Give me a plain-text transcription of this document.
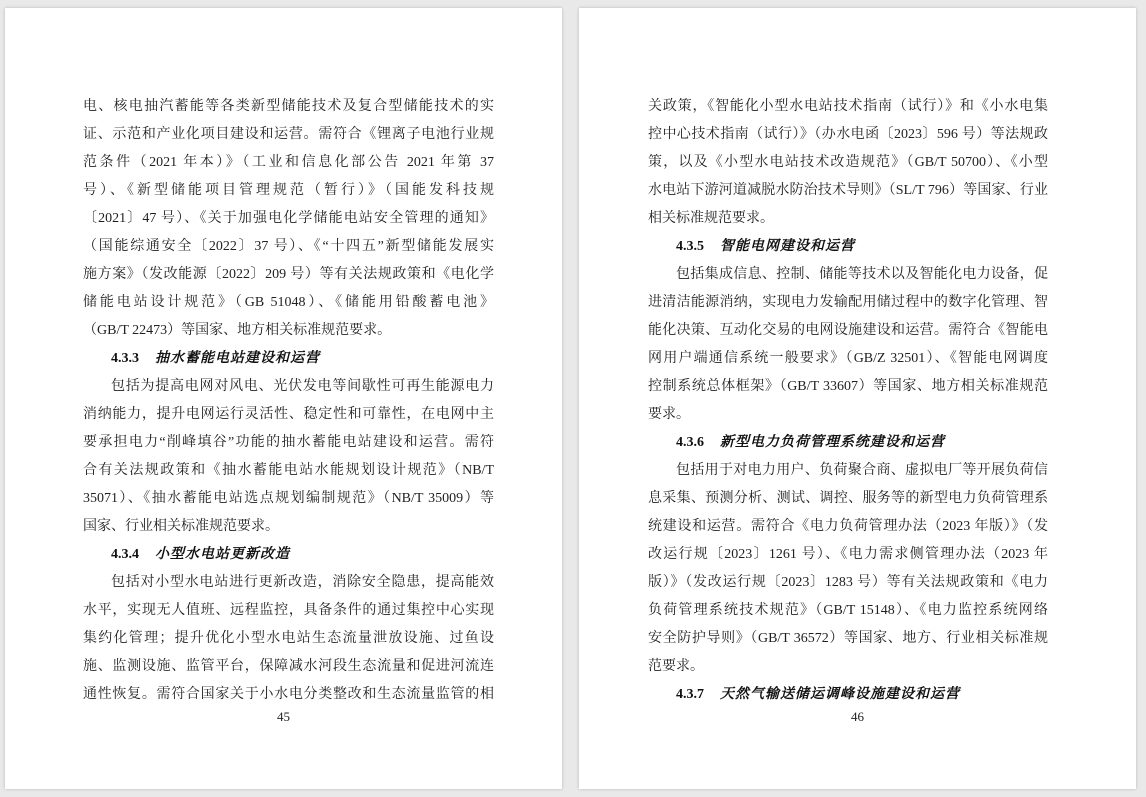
电、核电抽汽蓄能等各类新型储能技术及复合型储能技术的实
证、示范和产业化项目建设和运营。需符合《锂离子电池行业规
范条件（2021 年本）》（工业和信息化部公告 2021 年第 37
号）、《新型储能项目管理规范（暂行）》（国能发科技规
〔2021〕47 号）、《关于加强电化学储能电站安全管理的通知》
（国能综通安全〔2022〕37 号）、《“十四五”新型储能发展实
施方案》（发改能源〔2022〕209 号）等有关法规政策和《电化学
储能电站设计规范》（GB 51048）、《储能用铅酸蓄电池》
（GB/T 22473）等国家、地方相关标准规范要求。
4.3.3 抽水蓄能电站建设和运营
包括为提高电网对风电、光伏发电等间歇性可再生能源电力
消纳能力，提升电网运行灵活性、稳定性和可靠性，在电网中主
要承担电力“削峰填谷”功能的抽水蓄能电站建设和运营。需符
合有关法规政策和《抽水蓄能电站水能规划设计规范》（NB/T
35071）、《抽水蓄能电站选点规划编制规范》（NB/T 35009）等
国家、行业相关标准规范要求。
4.3.4 小型水电站更新改造
包括对小型水电站进行更新改造，消除安全隐患，提高能效
水平，实现无人值班、远程监控，具备条件的通过集控中心实现
集约化管理；提升优化小型水电站生态流量泄放设施、过鱼设
施、监测设施、监管平台，保障减水河段生态流量和促进河流连
通性恢复。需符合国家关于小水电分类整改和生态流量监管的相
45
关政策，《智能化小型水电站技术指南（试行）》和《小水电集
控中心技术指南（试行）》（办水电函〔2023〕596 号）等法规政
策，以及《小型水电站技术改造规范》（GB/T 50700）、《小型
水电站下游河道减脱水防治技术导则》（SL/T 796）等国家、行业
相关标准规范要求。
4.3.5 智能电网建设和运营
包括集成信息、控制、储能等技术以及智能化电力设备，促
进清洁能源消纳，实现电力发输配用储过程中的数字化管理、智
能化决策、互动化交易的电网设施建设和运营。需符合《智能电
网用户端通信系统一般要求》（GB/Z 32501）、《智能电网调度
控制系统总体框架》（GB/T 33607）等国家、地方相关标准规范
要求。
4.3.6 新型电力负荷管理系统建设和运营
包括用于对电力用户、负荷聚合商、虚拟电厂等开展负荷信
息采集、预测分析、测试、调控、服务等的新型电力负荷管理系
统建设和运营。需符合《电力负荷管理办法（2023 年版）》（发
改运行规〔2023〕1261 号）、《电力需求侧管理办法（2023 年
版）》（发改运行规〔2023〕1283 号）等有关法规政策和《电力
负荷管理系统技术规范》（GB/T 15148）、《电力监控系统网络
安全防护导则》（GB/T 36572）等国家、地方、行业相关标准规
范要求。
4.3.7 天然气输送储运调峰设施建设和运营
46
